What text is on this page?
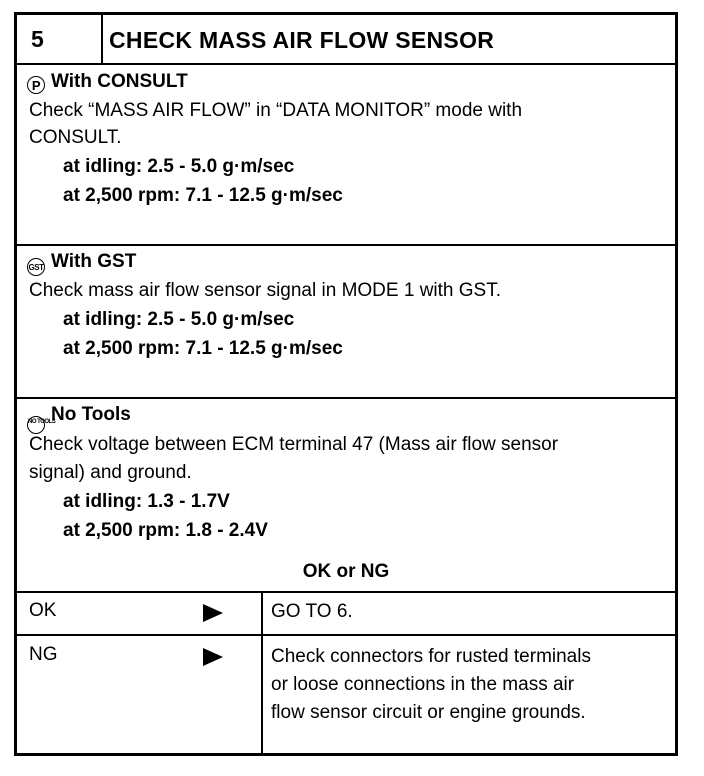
5	CHECK MASS AIR FLOW SENSOR
P With CONSULT
Check “MASS AIR FLOW” in “DATA MONITOR” mode with
CONSULT.
at idling: 2.5 - 5.0 g·m/sec
at 2,500 rpm: 7.1 - 12.5 g·m/sec
GST With GST
Check mass air flow sensor signal in MODE 1 with GST.
at idling: 2.5 - 5.0 g·m/sec
at 2,500 rpm: 7.1 - 12.5 g·m/sec
NO TOOLSNo Tools
Check voltage between ECM terminal 47 (Mass air flow sensor
signal) and ground.
at idling: 1.3 - 1.7V
at 2,500 rpm: 1.8 - 2.4V
OK or NG
OK	GO TO 6.
NG	Check connectors for rusted terminals
or loose connections in the mass air
flow sensor circuit or engine grounds.
